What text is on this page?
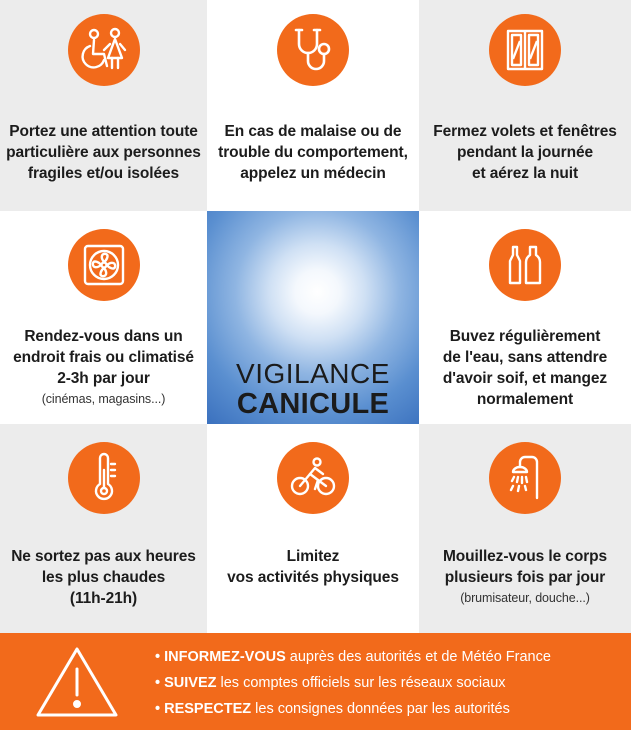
Portez une attention toute
particulière aux personnes
fragiles et/ou isolées
En cas de malaise ou de
trouble du comportement,
appelez un médecin
Fermez volets et fenêtres
pendant la journée
et aérez la nuit
Rendez-vous dans un
endroit frais ou climatisé
2-3h par jour
(cinémas, magasins...)
VIGILANCE
CANICULE
Buvez régulièrement
de l'eau, sans attendre
d'avoir soif, et mangez
normalement
Ne sortez pas aux heures
les plus chaudes
(11h-21h)
Limitez
vos activités physiques
Mouillez-vous le corps
plusieurs fois par jour
(brumisateur, douche...)
• INFORMEZ-VOUS auprès des autorités et de Météo France
• SUIVEZ les comptes officiels sur les réseaux sociaux
• RESPECTEZ les consignes données par les autorités
